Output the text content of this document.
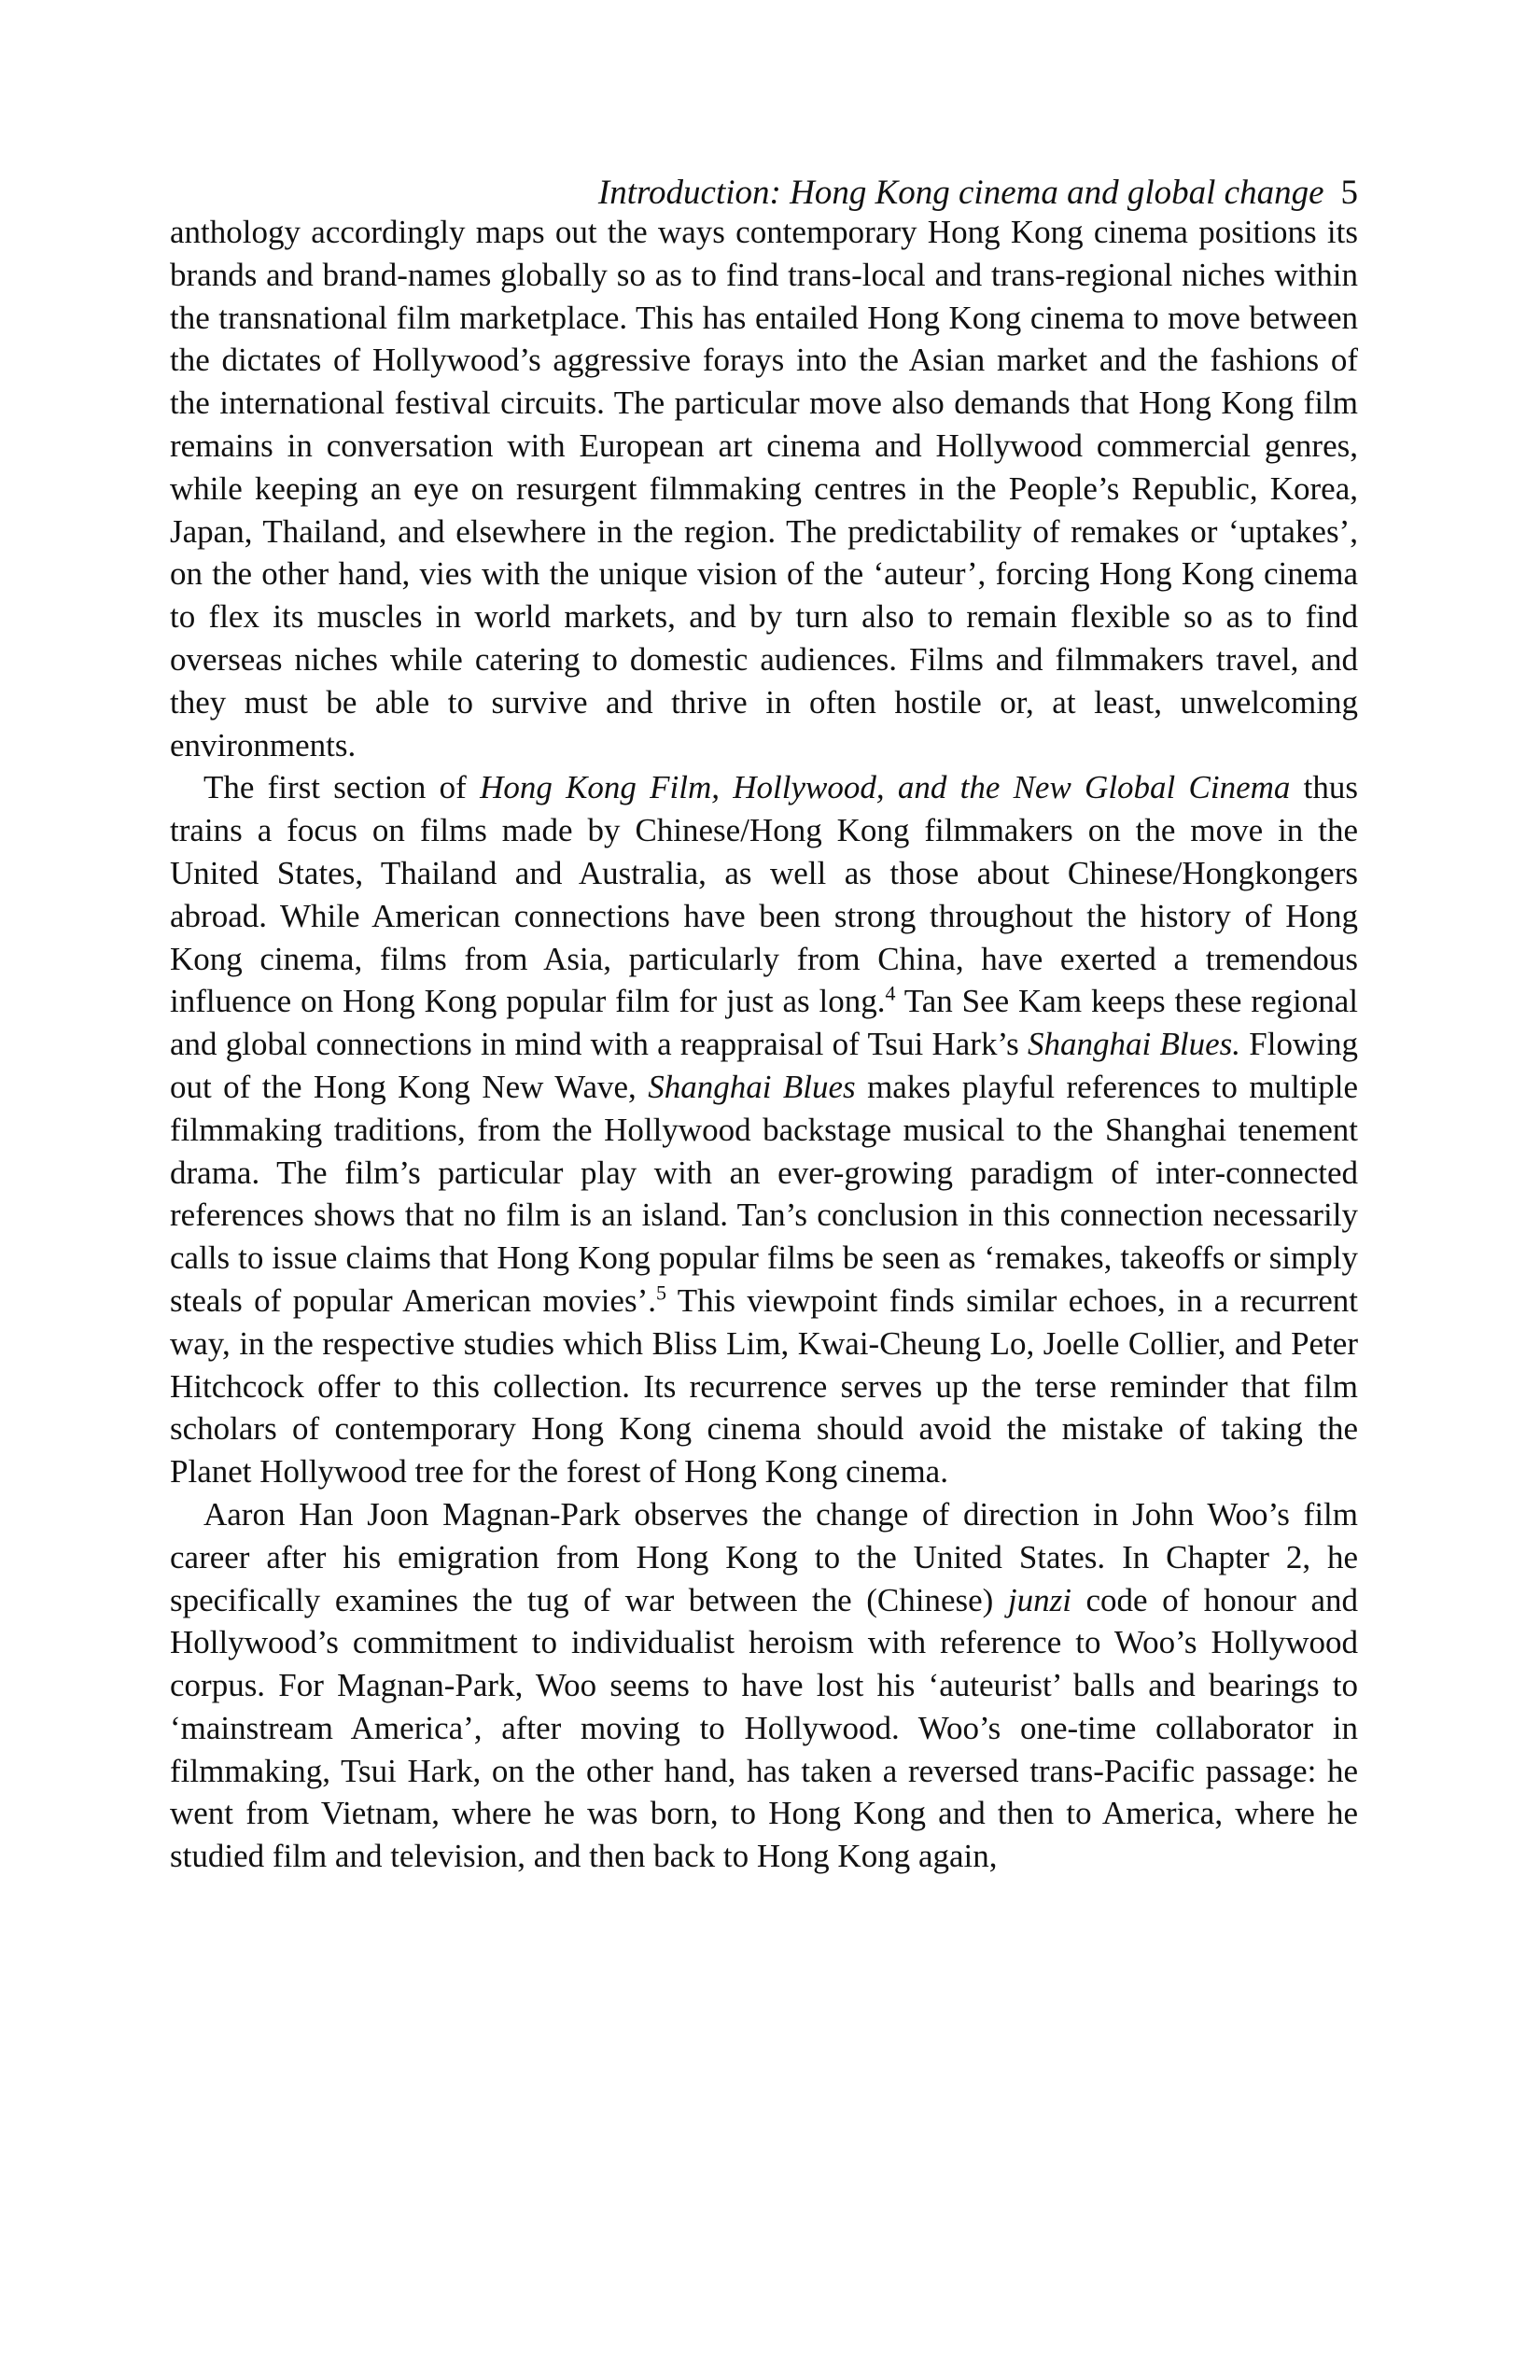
Introduction: Hong Kong cinema and global change 5

anthology accordingly maps out the ways contemporary Hong Kong cinema positions its brands and brand-names globally so as to find trans-local and trans-regional niches within the transnational film marketplace. This has entailed Hong Kong cinema to move between the dictates of Hollywood’s aggressive forays into the Asian market and the fashions of the international festival circuits. The particular move also demands that Hong Kong film remains in conversation with European art cinema and Hollywood commercial genres, while keeping an eye on resurgent filmmaking centres in the People’s Republic, Korea, Japan, Thailand, and elsewhere in the region. The predictability of remakes or ‘uptakes’, on the other hand, vies with the unique vision of the ‘auteur’, forcing Hong Kong cinema to flex its muscles in world markets, and by turn also to remain flexible so as to find overseas niches while catering to domestic audiences. Films and filmmakers travel, and they must be able to survive and thrive in often hostile or, at least, unwelcoming environments.

The first section of Hong Kong Film, Hollywood, and the New Global Cinema thus trains a focus on films made by Chinese/Hong Kong filmmakers on the move in the United States, Thailand and Australia, as well as those about Chinese/Hongkongers abroad. While American connections have been strong throughout the history of Hong Kong cinema, films from Asia, particularly from China, have exerted a tremendous influence on Hong Kong popular film for just as long.$^4$ Tan See Kam keeps these regional and global connections in mind with a reappraisal of Tsui Hark’s Shanghai Blues. Flowing out of the Hong Kong New Wave, Shanghai Blues makes playful references to multiple filmmaking traditions, from the Hollywood backstage musical to the Shanghai tenement drama. The film’s particular play with an ever-growing paradigm of inter-connected references shows that no film is an island. Tan’s conclusion in this connection necessarily calls to issue claims that Hong Kong popular films be seen as ‘remakes, takeoffs or simply steals of popular American movies’.$^5$ This viewpoint finds similar echoes, in a recurrent way, in the respective studies which Bliss Lim, Kwai-Cheung Lo, Joelle Collier, and Peter Hitchcock offer to this collection. Its recurrence serves up the terse reminder that film scholars of contemporary Hong Kong cinema should avoid the mistake of taking the Planet Hollywood tree for the forest of Hong Kong cinema.

Aaron Han Joon Magnan-Park observes the change of direction in John Woo’s film career after his emigration from Hong Kong to the United States. In Chapter 2, he specifically examines the tug of war between the (Chinese) junzi code of honour and Hollywood’s commitment to individualist heroism with reference to Woo’s Hollywood corpus. For Magnan-Park, Woo seems to have lost his ‘auteurist’ balls and bearings to ‘mainstream America’, after moving to Hollywood. Woo’s one-time collaborator in filmmaking, Tsui Hark, on the other hand, has taken a reversed trans-Pacific passage: he went from Vietnam, where he was born, to Hong Kong and then to America, where he studied film and television, and then back to Hong Kong again,
